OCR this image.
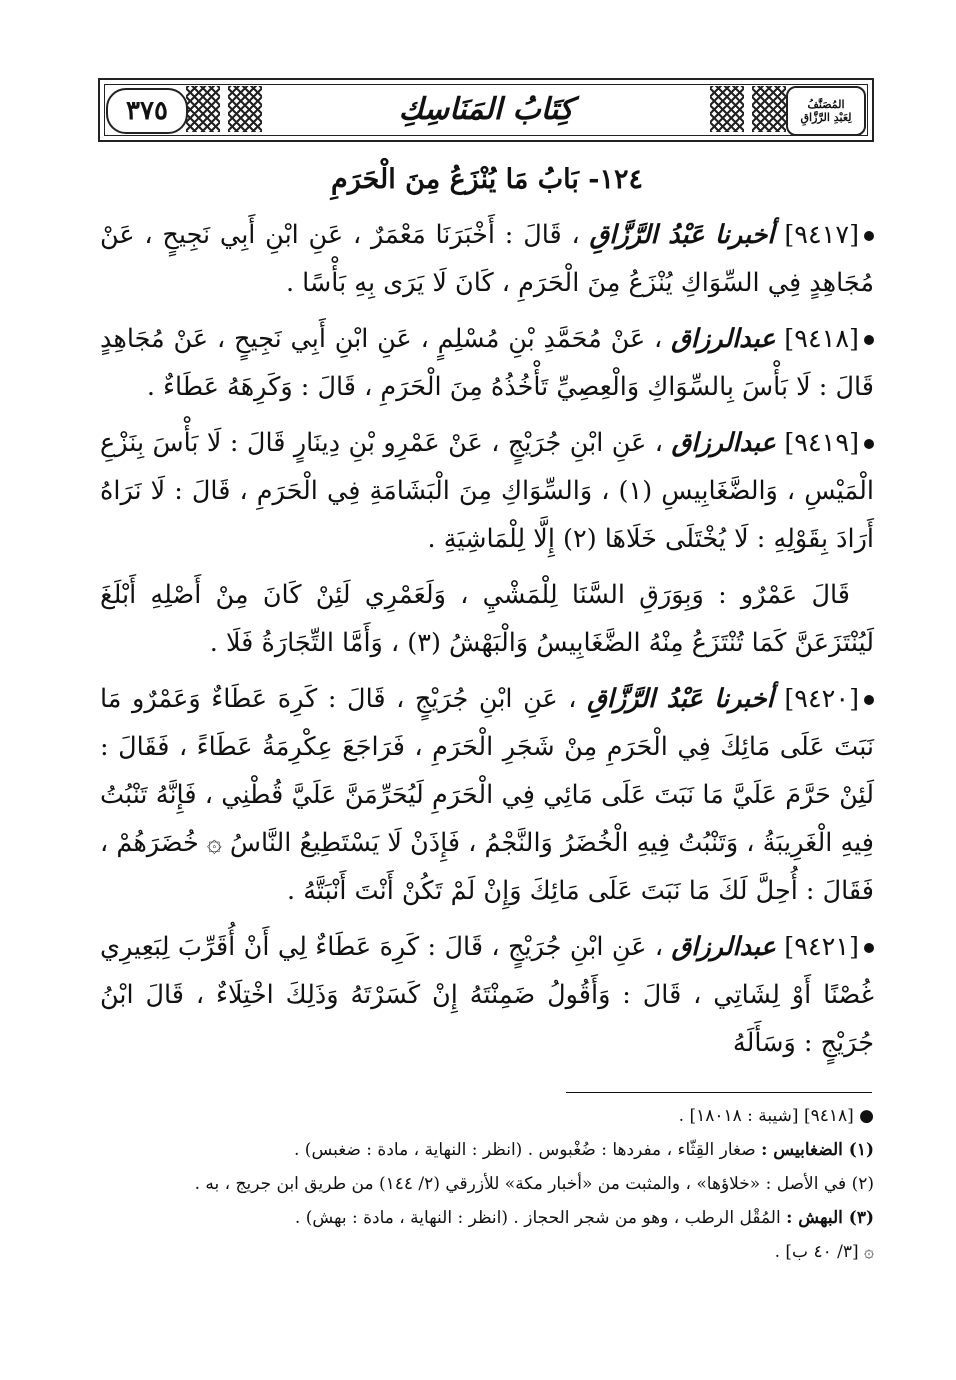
٣٧٥	كِتَابُ المَنَاسِكِ	المُصَنَّفُ
لِعَبْدِ الرَّزَّاقِ
١٢٤- بَابُ مَا يُنْزَعُ مِنَ الْحَرَمِ

[٩٤١٧] أخبرنا عَبْدُ الرَّزَّاقِ ، قَالَ : أَخْبَرَنَا مَعْمَرٌ ، عَنِ ابْنِ أَبِي نَجِيحٍ ، عَنْ مُجَاهِدٍ فِي السِّوَاكِ يُنْزَعُ مِنَ الْحَرَمِ ، كَانَ لَا يَرَى بِهِ بَأْسًا .

[٩٤١٨] عبدالرزاق ، عَنْ مُحَمَّدِ بْنِ مُسْلِمٍ ، عَنِ ابْنِ أَبِي نَجِيحٍ ، عَنْ مُجَاهِدٍ قَالَ : لَا بَأْسَ بِالسِّوَاكِ وَالْعِصِيِّ تَأْخُذُهُ مِنَ الْحَرَمِ ، قَالَ : وَكَرِهَهُ عَطَاءٌ .

[٩٤١٩] عبدالرزاق ، عَنِ ابْنِ جُرَيْجٍ ، عَنْ عَمْرِو بْنِ دِينَارٍ قَالَ : لَا بَأْسَ بِنَزْعِ الْمَيْسِ ، وَالضَّغَابِيسِ (١) ، وَالسِّوَاكِ مِنَ الْبَشَامَةِ فِي الْحَرَمِ ، قَالَ : لَا نَرَاهُ أَرَادَ بِقَوْلِهِ : لَا يُخْتَلَى خَلَاهَا (٢) إِلَّا لِلْمَاشِيَةِ .

قَالَ عَمْرٌو : وَبِوَرَقِ السَّنَا لِلْمَشْيِ ، وَلَعَمْرِي لَئِنْ كَانَ مِنْ أَصْلِهِ أَبْلَغَ لَيُنْتَزَعَنَّ كَمَا تُنْتَزَعُ مِنْهُ الضَّغَابِيسُ وَالْبَهْشُ (٣) ، وَأَمَّا التِّجَارَةُ فَلَا .

[٩٤٢٠] أخبرنا عَبْدُ الرَّزَّاقِ ، عَنِ ابْنِ جُرَيْجٍ ، قَالَ : كَرِهَ عَطَاءٌ وَعَمْرٌو مَا نَبَتَ عَلَى مَائِكَ فِي الْحَرَمِ مِنْ شَجَرِ الْحَرَمِ ، فَرَاجَعَ عِكْرِمَةُ عَطَاءً ، فَقَالَ : لَئِنْ حَرَّمَ عَلَيَّ مَا نَبَتَ عَلَى مَائِي فِي الْحَرَمِ لَيُحَرِّمَنَّ عَلَيَّ قُطْنِي ، فَإِنَّهُ تَنْبُتُ فِيهِ الْغَرِيبَةُ ، وَتَنْبُتُ فِيهِ الْخُضَرُ وَالنَّجْمُ ، فَإِذَنْ لَا يَسْتَطِيعُ النَّاسُ ۞ خُضَرَهُمْ ، فَقَالَ : أُحِلَّ لَكَ مَا نَبَتَ عَلَى مَائِكَ وَإِنْ لَمْ تَكُنْ أَنْتَ أَنْبَتَّهُ .

[٩٤٢١] عبدالرزاق ، عَنِ ابْنِ جُرَيْجٍ ، قَالَ : كَرِهَ عَطَاءٌ لِي أَنْ أُقَرِّبَ لِبَعِيرِي غُصْنًا أَوْ لِشَاتِي ، قَالَ : وَأَقُولُ ضَمِنْتَهُ إِنْ كَسَرْتَهُ وَذَلِكَ اخْتِلَاءٌ ، قَالَ ابْنُ جُرَيْجٍ : وَسَأَلَهُ

● [٩٤١٨] [شيبة : ١٨٠١٨] .

(١) الضغابيس : صغار القِثّاء ، مفردها : ضُغْبوس . (انظر : النهاية ، مادة : ضغبس) .

(٢) في الأصل : «خلاؤها» ، والمثبت من «أخبار مكة» للأزرقي (٢/ ١٤٤) من طريق ابن جريج ، به .

(٣) البهش : المُقْل الرطب ، وهو من شجر الحجاز . (انظر : النهاية ، مادة : بهش) .

۞ [٣/ ٤٠ ب] .
